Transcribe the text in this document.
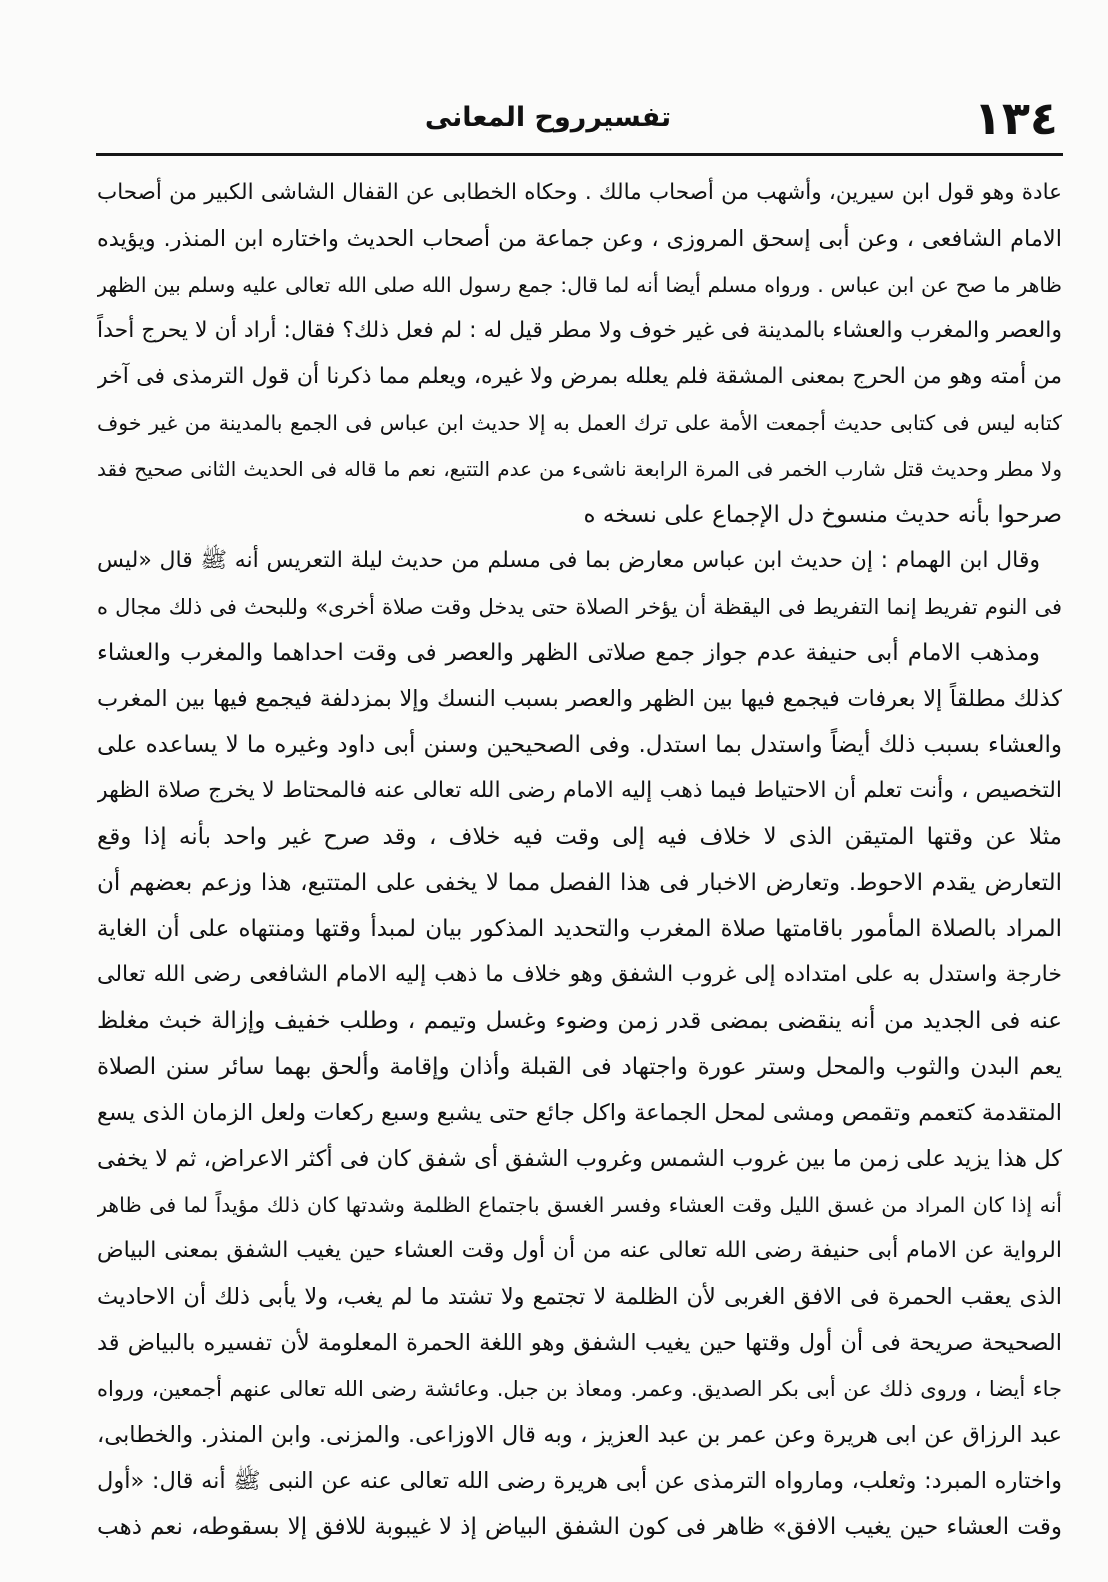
١٣٤
تفسيرروح المعانى
عادة وهو قول ابن سيرين، وأشهب من أصحاب مالك . وحكاه الخطابى عن القفال الشاشى الكبير من أصحاب
الامام الشافعى ، وعن أبى إسحق المروزى ، وعن جماعة من أصحاب الحديث واختاره ابن المنذر. ويؤيده
ظاهر ما صح عن ابن عباس . ورواه مسلم أيضا أنه لما قال: جمع رسول الله صلى الله تعالى عليه وسلم بين الظهر
والعصر والمغرب والعشاء بالمدينة فى غير خوف ولا مطر قيل له : لم فعل ذلك؟ فقال: أراد أن لا يحرج أحداً
من أمته وهو من الحرج بمعنى المشقة فلم يعلله بمرض ولا غيره، ويعلم مما ذكرنا أن قول الترمذى فى آخر
كتابه ليس فى كتابى حديث أجمعت الأمة على ترك العمل به إلا حديث ابن عباس فى الجمع بالمدينة من غير خوف
ولا مطر وحديث قتل شارب الخمر فى المرة الرابعة ناشىء من عدم التتبع، نعم ما قاله فى الحديث الثانى صحيح فقد
صرحوا بأنه حديث منسوخ دل الإجماع على نسخه ه
وقال ابن الهمام : إن حديث ابن عباس معارض بما فى مسلم من حديث ليلة التعريس أنه ﷺ قال «ليس
فى النوم تفريط إنما التفريط فى اليقظة أن يؤخر الصلاة حتى يدخل وقت صلاة أخرى» وللبحث فى ذلك مجال ه
ومذهب الامام أبى حنيفة عدم جواز جمع صلاتى الظهر والعصر فى وقت احداهما والمغرب والعشاء
كذلك مطلقاً إلا بعرفات فيجمع فيها بين الظهر والعصر بسبب النسك وإلا بمزدلفة فيجمع فيها بين المغرب
والعشاء بسبب ذلك أيضاً واستدل بما استدل. وفى الصحيحين وسنن أبى داود وغيره ما لا يساعده على
التخصيص ، وأنت تعلم أن الاحتياط فيما ذهب إليه الامام رضى الله تعالى عنه فالمحتاط لا يخرج صلاة الظهر
مثلا عن وقتها المتيقن الذى لا خلاف فيه إلى وقت فيه خلاف ، وقد صرح غير واحد بأنه إذا وقع
التعارض يقدم الاحوط. وتعارض الاخبار فى هذا الفصل مما لا يخفى على المتتبع، هذا وزعم بعضهم أن
المراد بالصلاة المأمور باقامتها صلاة المغرب والتحديد المذكور بيان لمبدأ وقتها ومنتهاه على أن الغاية
خارجة واستدل به على امتداده إلى غروب الشفق وهو خلاف ما ذهب إليه الامام الشافعى رضى الله تعالى
عنه فى الجديد من أنه ينقضى بمضى قدر زمن وضوء وغسل وتيمم ، وطلب خفيف وإزالة خبث مغلظ
يعم البدن والثوب والمحل وستر عورة واجتهاد فى القبلة وأذان وإقامة وألحق بهما سائر سنن الصلاة
المتقدمة كتعمم وتقمص ومشى لمحل الجماعة واكل جائع حتى يشبع وسبع ركعات ولعل الزمان الذى يسع
كل هذا يزيد على زمن ما بين غروب الشمس وغروب الشفق أى شفق كان فى أكثر الاعراض، ثم لا يخفى
أنه إذا كان المراد من غسق الليل وقت العشاء وفسر الغسق باجتماع الظلمة وشدتها كان ذلك مؤيداً لما فى ظاهر
الرواية عن الامام أبى حنيفة رضى الله تعالى عنه من أن أول وقت العشاء حين يغيب الشفق بمعنى البياض
الذى يعقب الحمرة فى الافق الغربى لأن الظلمة لا تجتمع ولا تشتد ما لم يغب، ولا يأبى ذلك أن الاحاديث
الصحيحة صريحة فى أن أول وقتها حين يغيب الشفق وهو اللغة الحمرة المعلومة لأن تفسيره بالبياض قد
جاء أيضا ، وروى ذلك عن أبى بكر الصديق. وعمر. ومعاذ بن جبل. وعائشة رضى الله تعالى عنهم أجمعين، ورواه
عبد الرزاق عن ابى هريرة وعن عمر بن عبد العزيز ، وبه قال الاوزاعى. والمزنى. وابن المنذر. والخطابى،
واختاره المبرد: وثعلب، ومارواه الترمذى عن أبى هريرة رضى الله تعالى عنه عن النبى ﷺ أنه قال: «أول
وقت العشاء حين يغيب الافق» ظاهر فى كون الشفق البياض إذ لا غيبوبة للافق إلا بسقوطه، نعم ذهب
